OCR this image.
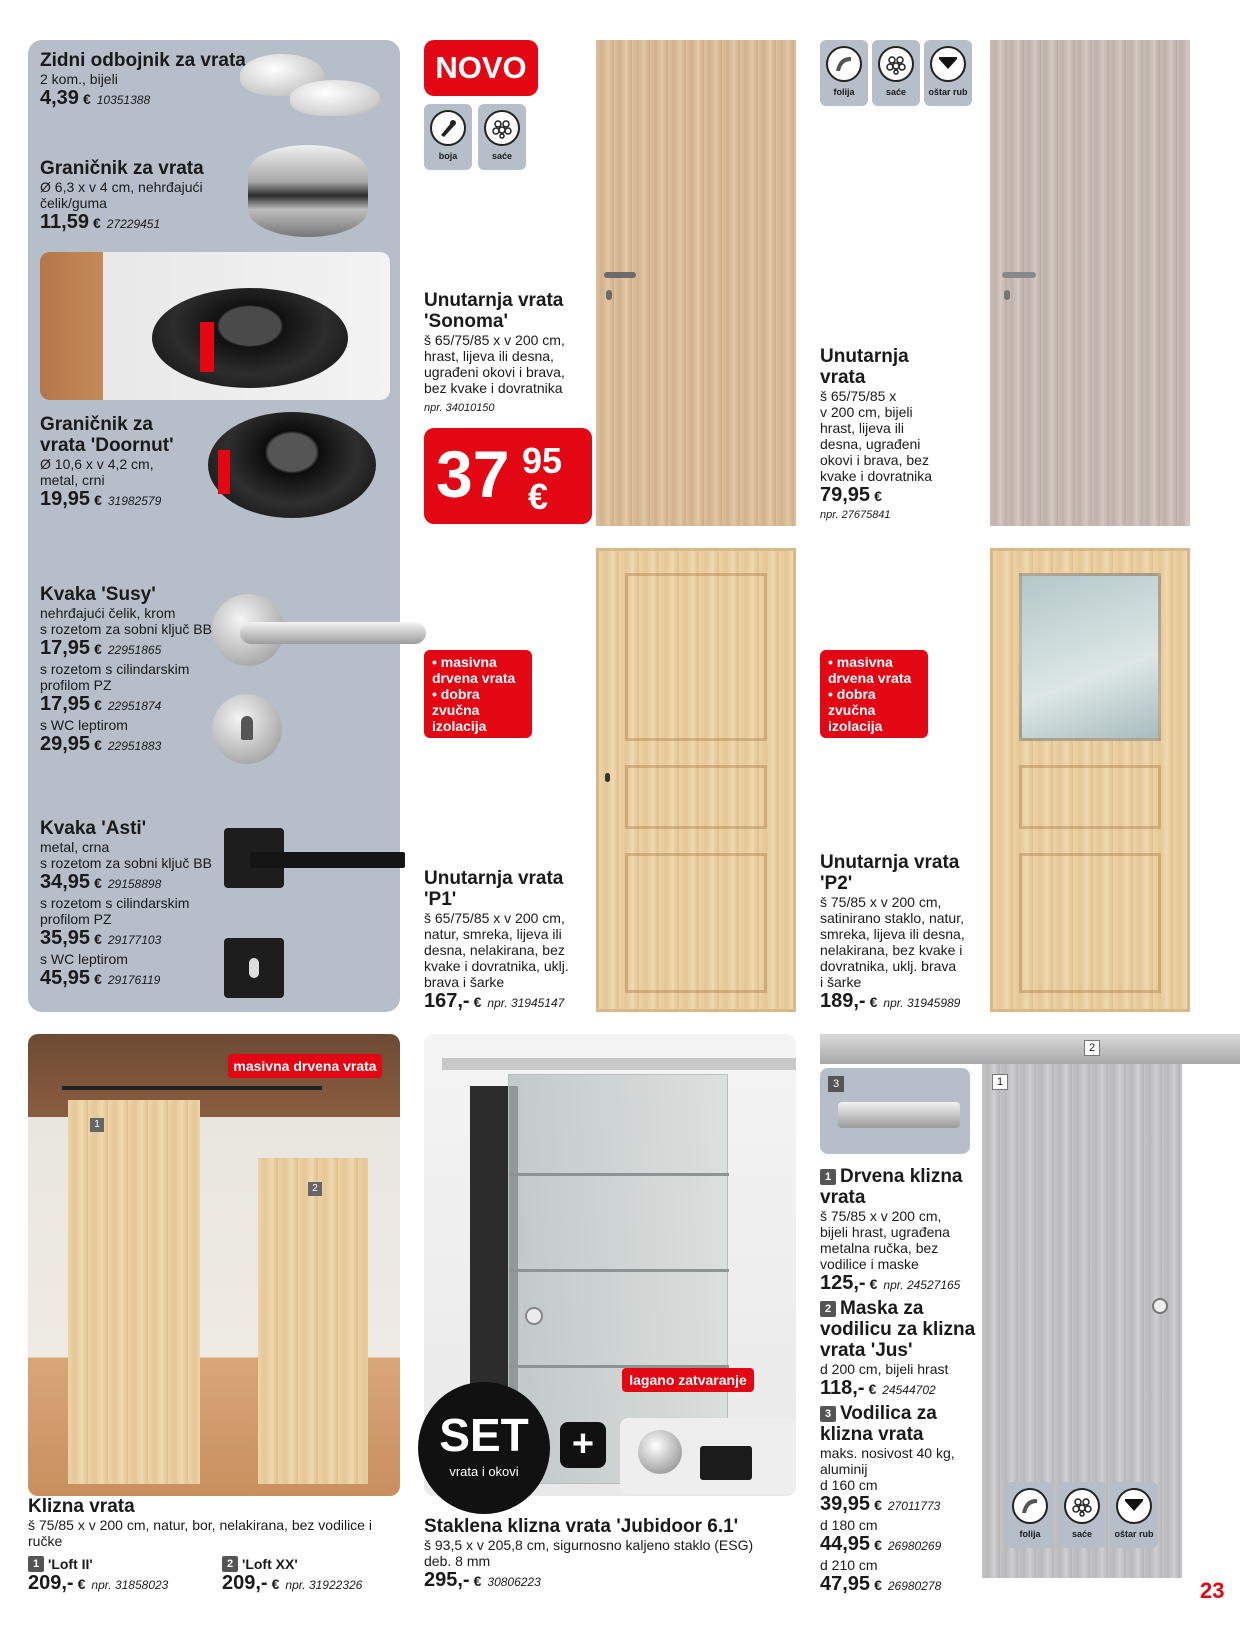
Zidni odbojnik za vrata
2 kom., bijeli
4,39 € 10351388
Graničnik za vrata
Ø 6,3 x v 4 cm, nehrđajući
čelik/guma
11,59 € 27229451
Graničnik za
vrata 'Doornut'
Ø 10,6 x v 4,2 cm,
metal, crni
19,95 € 31982579
Kvaka 'Susy'
nehrđajući čelik, krom
s rozetom za sobni ključ BB
17,95 € 22951865
s rozetom s cilindarskim
profilom PZ
17,95 € 22951874
s WC leptirom
29,95 € 22951883
Kvaka 'Asti'
metal, crna
s rozetom za sobni ključ BB
34,95 € 29158898
s rozetom s cilindarskim
profilom PZ
35,95 € 29177103
s WC leptirom
45,95 € 29176119
NOVO
boja	saće
Unutarnja vrata
'Sonoma'
š 65/75/85 x v 200 cm,
hrast, lijeva ili desna,
ugrađeni okovi i brava,
bez kvake i dovratnika
npr. 34010150
37 95
€
folija	saće oštar rub
Unutarnja
vrata
š 65/75/85 x
v 200 cm, bijeli
hrast, lijeva ili
desna, ugrađeni
okovi i brava, bez
kvake i dovratnika
79,95 €
npr. 27675841
• masivna
drvena vrata
• dobra zvučna
izolacija
Unutarnja vrata
'P1'
š 65/75/85 x v 200 cm,
natur, smreka, lijeva ili
desna, nelakirana, bez
kvake i dovratnika, uklj.
brava i šarke
167,- € npr. 31945147
• masivna
drvena vrata
• dobra zvučna
izolacija
Unutarnja vrata
'P2'
š 75/85 x v 200 cm,
satinirano staklo, natur,
smreka, lijeva ili desna,
nelakirana, bez kvake i
dovratnika, uklj. brava
i šarke
189,- € npr. 31945989
1
2
masivna drvena vrata
Klizna vrata
š 75/85 x v 200 cm, natur, bor, nelakirana, bez vodilice i
ručke
1 'Loft II'
209,- € npr. 31858023
2 'Loft XX'
209,- € npr. 31922326
lagano zatvaranje
SET
vrata i okovi
+
Staklena klizna vrata 'Jubidoor 6.1'
š 93,5 x v 205,8 cm, sigurnosno kaljeno staklo (ESG)
deb. 8 mm
295,- € 30806223
2
1
3
1 Drvena klizna
vrata
š 75/85 x v 200 cm,
bijeli hrast, ugrađena
metalna ručka, bez
vodilice i maske
125,- € npr. 24527165
2 Maska za
vodilicu za klizna
vrata 'Jus'
d 200 cm, bijeli hrast
118,- € 24544702
3 Vodilica za
klizna vrata
maks. nosivost 40 kg,
aluminij
d 160 cm
39,95 € 27011773
d 180 cm
44,95 € 26980269
d 210 cm
47,95 € 26980278
folija	saće oštar rub
23
